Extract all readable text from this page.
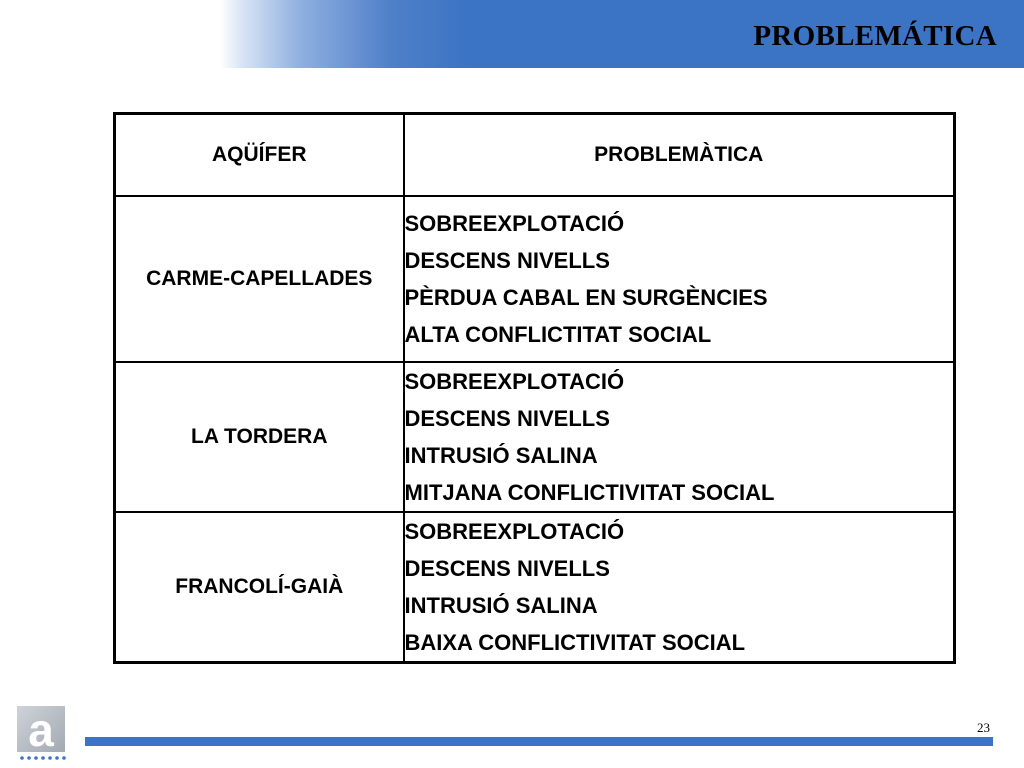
PROBLEMÁTICA
AQÜÍFER	PROBLEMÀTICA
CARME-CAPELLADES	SOBREEXPLOTACIÓ
DESCENS NIVELLS
PÈRDUA CABAL EN SURGÈNCIES
ALTA CONFLICTITAT SOCIAL

LA TORDERA	SOBREEXPLOTACIÓ
DESCENS NIVELLS
INTRUSIÓ SALINA
MITJANA CONFLICTIVITAT SOCIAL

FRANCOLÍ-GAIÀ	SOBREEXPLOTACIÓ
DESCENS NIVELLS
INTRUSIÓ SALINA
BAIXA CONFLICTIVITAT SOCIAL
a	23
